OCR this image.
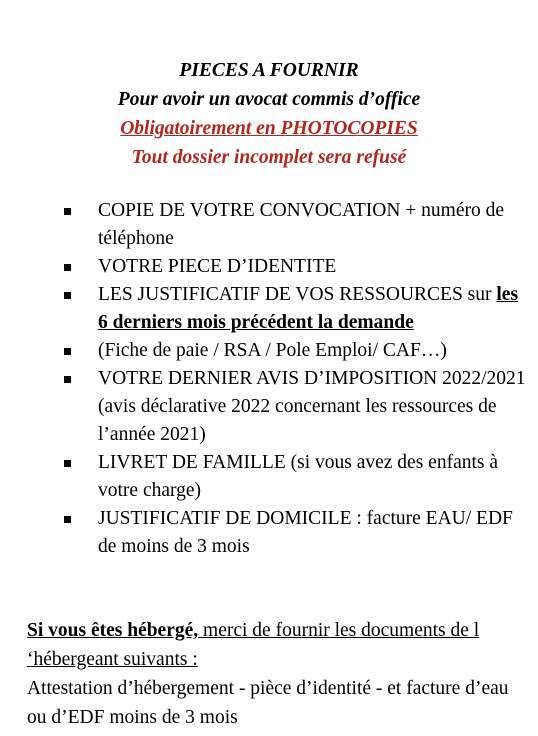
PIECES A FOURNIR
Pour avoir un avocat commis d’office
Obligatoirement en PHOTOCOPIES
Tout dossier incomplet sera refusé
COPIE DE VOTRE CONVOCATION + numéro de téléphone
VOTRE PIECE D’IDENTITE
LES JUSTIFICATIF DE VOS RESSOURCES sur les 6 derniers mois précédent la demande
(Fiche de paie / RSA / Pole Emploi/ CAF…)
VOTRE DERNIER AVIS D’IMPOSITION 2022/2021 (avis déclarative 2022 concernant les ressources de l’année 2021)
LIVRET DE FAMILLE (si vous avez des enfants à votre charge)
JUSTIFICATIF DE DOMICILE : facture EAU/ EDF de moins de 3 mois
Si vous êtes hébergé, merci de fournir les documents de l ‘hébergeant suivants :
Attestation d’hébergement - pièce d’identité - et facture d’eau ou d’EDF moins de 3 mois
